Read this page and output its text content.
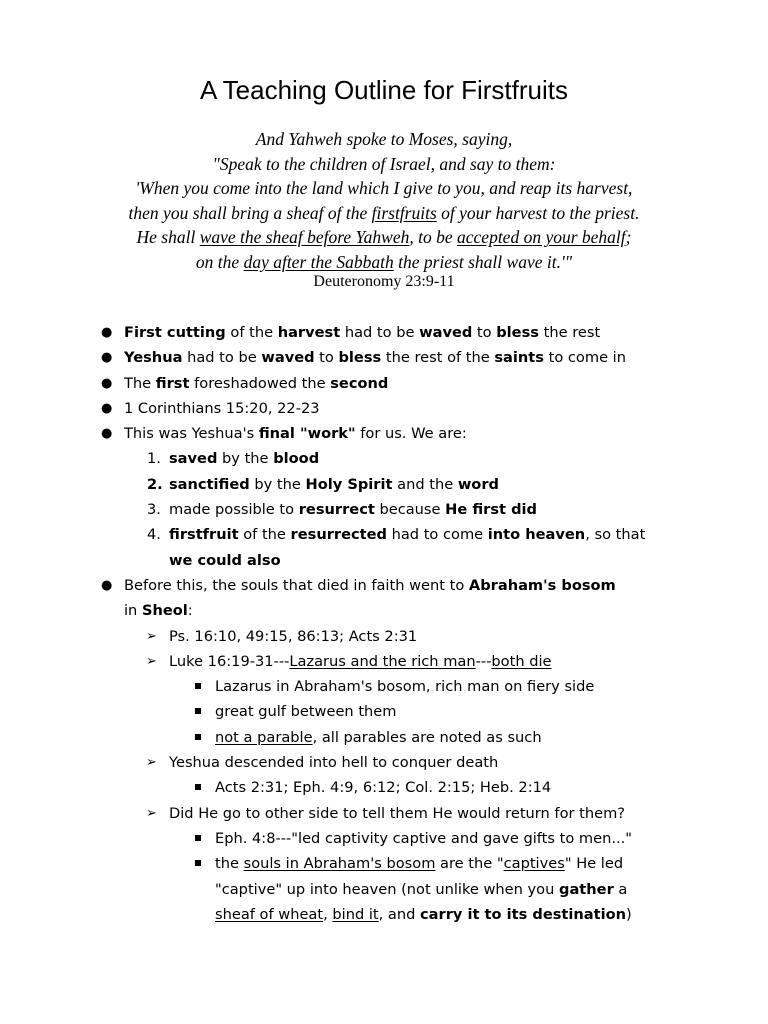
A Teaching Outline for Firstfruits
And Yahweh spoke to Moses, saying,
"Speak to the children of Israel, and say to them:
'When you come into the land which I give to you, and reap its harvest,
then you shall bring a sheaf of the firstfruits of your harvest to the priest.
He shall wave the sheaf before Yahweh, to be accepted on your behalf;
on the day after the Sabbath the priest shall wave it.'"
Deuteronomy 23:9-11
● First cutting of the harvest had to be waved to bless the rest
● Yeshua had to be waved to bless the rest of the saints to come in
● The first foreshadowed the second
● 1 Corinthians 15:20, 22-23
● This was Yeshua's final "work" for us. We are:
1. saved by the blood
2. sanctified by the Holy Spirit and the word
3. made possible to resurrect because He first did
4. firstfruit of the resurrected had to come into heaven, so that
we could also
● Before this, the souls that died in faith went to Abraham's bosom
in Sheol:
➢ Ps. 16:10, 49:15, 86:13; Acts 2:31
➢ Luke 16:19-31---Lazarus and the rich man---both die
Lazarus in Abraham's bosom, rich man on fiery side
great gulf between them
not a parable, all parables are noted as such
➢ Yeshua descended into hell to conquer death
Acts 2:31; Eph. 4:9, 6:12; Col. 2:15; Heb. 2:14
➢ Did He go to other side to tell them He would return for them?
Eph. 4:8---"led captivity captive and gave gifts to men..."
the souls in Abraham's bosom are the "captives" He led
"captive" up into heaven (not unlike when you gather a
sheaf of wheat, bind it, and carry it to its destination)
